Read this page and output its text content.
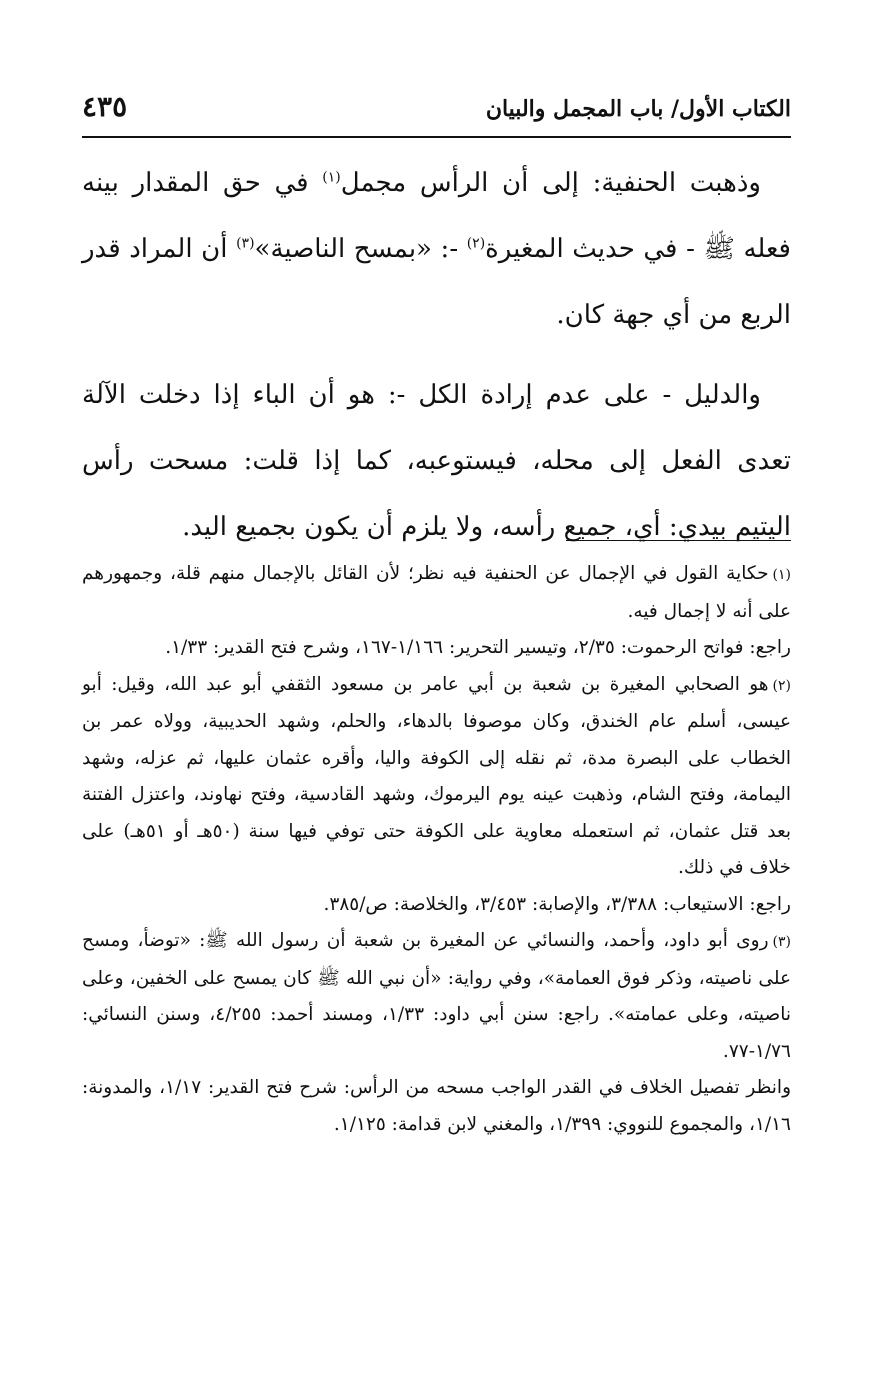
الكتاب الأول/ باب المجمل والبيان
٤٣٥

وذهبت الحنفية: إلى أن الرأس مجمل$^{(١)}$ في حق المقدار بينه فعله ﷺ - في حديث المغيرة$^{(٢)}$ -: «بمسح الناصية»$^{(٣)}$ أن المراد قدر الربع من أي جهة كان.

والدليل - على عدم إرادة الكل -: هو أن الباء إذا دخلت الآلة تعدى الفعل إلى محله، فيستوعبه، كما إذا قلت: مسحت رأس اليتيم بيدي: أي، جميع رأسه، ولا يلزم أن يكون بجميع اليد.

(١)حكاية القول في الإجمال عن الحنفية فيه نظر؛ لأن القائل بالإجمال منهم قلة، وجمهورهم على أنه لا إجمال فيه.

راجع: فواتح الرحموت: ٢/٣٥، وتيسير التحرير: ١/١٦٦-١٦٧، وشرح فتح القدير: ١/٣٣.

(٢)هو الصحابي المغيرة بن شعبة بن أبي عامر بن مسعود الثقفي أبو عبد الله، وقيل: أبو عيسى، أسلم عام الخندق، وكان موصوفا بالدهاء، والحلم، وشهد الحديبية، وولاه عمر بن الخطاب على البصرة مدة، ثم نقله إلى الكوفة واليا، وأقره عثمان عليها، ثم عزله، وشهد اليمامة، وفتح الشام، وذهبت عينه يوم اليرموك، وشهد القادسية، وفتح نهاوند، واعتزل الفتنة بعد قتل عثمان، ثم استعمله معاوية على الكوفة حتى توفي فيها سنة (٥٠هـ أو ٥١هـ) على خلاف في ذلك.

راجع: الاستيعاب: ٣/٣٨٨، والإصابة: ٣/٤٥٣، والخلاصة: ص/٣٨٥.

(٣)روى أبو داود، وأحمد، والنسائي عن المغيرة بن شعبة أن رسول الله ﷺ: «توضأ، ومسح على ناصيته، وذكر فوق العمامة»، وفي رواية: «أن نبي الله ﷺ كان يمسح على الخفين، وعلى ناصيته، وعلى عمامته». راجع: سنن أبي داود: ١/٣٣، ومسند أحمد: ٤/٢٥٥، وسنن النسائي: ١/٧٦-٧٧.

وانظر تفصيل الخلاف في القدر الواجب مسحه من الرأس: شرح فتح القدير: ١/١٧، والمدونة: ١/١٦، والمجموع للنووي: ١/٣٩٩، والمغني لابن قدامة: ١/١٢٥.
